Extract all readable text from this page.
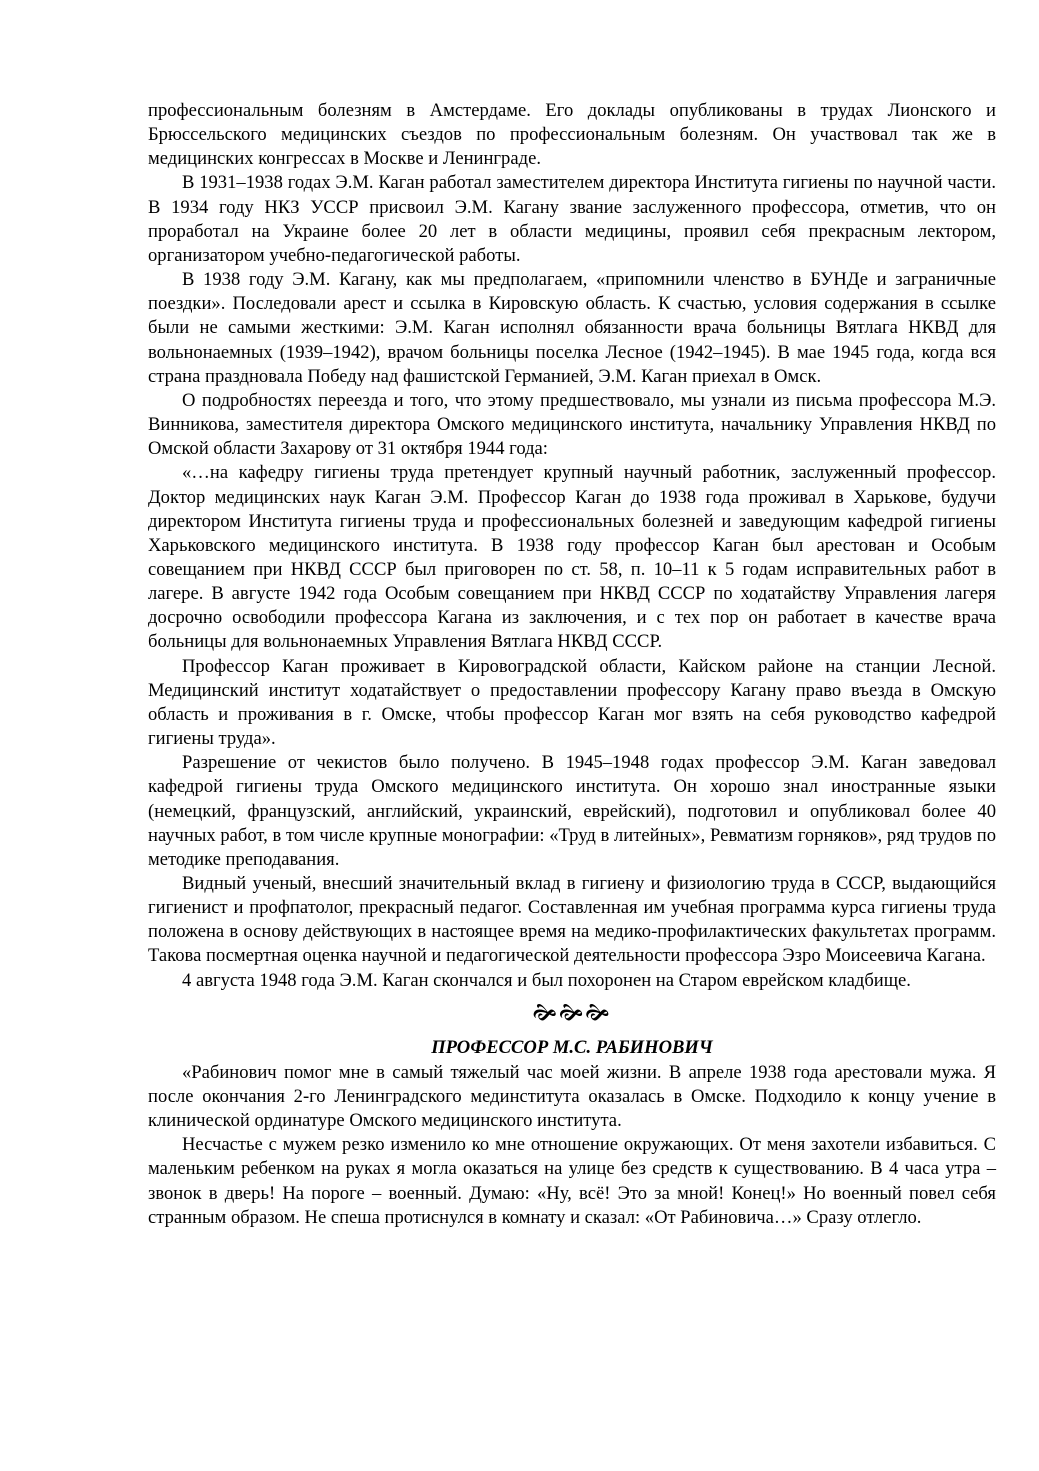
профессиональным болезням в Амстердаме. Его доклады опубликованы в трудах Лионского и Брюссельского медицинских съездов по профессиональным болезням. Он участвовал так же в медицинских конгрессах в Москве и Ленинграде.

В 1931–1938 годах Э.М. Каган работал заместителем директора Института гигиены по научной части. В 1934 году НКЗ УССР присвоил Э.М. Кагану звание заслуженного профессора, отметив, что он проработал на Украине более 20 лет в области медицины, проявил себя прекрасным лектором, организатором учебно-педагогической работы.

В 1938 году Э.М. Кагану, как мы предполагаем, «припомнили членство в БУНДе и заграничные поездки». Последовали арест и ссылка в Кировскую область. К счастью, условия содержания в ссылке были не самыми жесткими: Э.М. Каган исполнял обязанности врача больницы Вятлага НКВД для вольнонаемных (1939–1942), врачом больницы поселка Лесное (1942–1945). В мае 1945 года, когда вся страна праздновала Победу над фашистской Германией, Э.М. Каган приехал в Омск.

О подробностях переезда и того, что этому предшествовало, мы узнали из письма профессора М.Э. Винникова, заместителя директора Омского медицинского института, начальнику Управления НКВД по Омской области Захарову от 31 октября 1944 года:

«…на кафедру гигиены труда претендует крупный научный работник, заслуженный профессор. Доктор медицинских наук Каган Э.М. Профессор Каган до 1938 года проживал в Харькове, будучи директором Института гигиены труда и профессиональных болезней и заведующим кафедрой гигиены Харьковского медицинского института. В 1938 году профессор Каган был арестован и Особым совещанием при НКВД СССР был приговорен по ст. 58, п. 10–11 к 5 годам исправительных работ в лагере. В августе 1942 года Особым совещанием при НКВД СССР по ходатайству Управления лагеря досрочно освободили профессора Кагана из заключения, и с тех пор он работает в качестве врача больницы для вольнонаемных Управления Вятлага НКВД СССР.

Профессор Каган проживает в Кировоградской области, Кайском районе на станции Лесной. Медицинский институт ходатайствует о предоставлении профессору Кагану право въезда в Омскую область и проживания в г. Омске, чтобы профессор Каган мог взять на себя руководство кафедрой гигиены труда».

Разрешение от чекистов было получено. В 1945–1948 годах профессор Э.М. Каган заведовал кафедрой гигиены труда Омского медицинского института. Он хорошо знал иностранные языки (немецкий, французский, английский, украинский, еврейский), подготовил и опубликовал более 40 научных работ, в том числе крупные монографии: «Труд в литейных», Ревматизм горняков», ряд трудов по методике преподавания.

Видный ученый, внесший значительный вклад в гигиену и физиологию труда в СССР, выдающийся гигиенист и профпатолог, прекрасный педагог. Составленная им учебная программа курса гигиены труда положена в основу действующих в настоящее время на медико-профилактических факультетах программ. Такова посмертная оценка научной и педагогической деятельности профессора Эзро Моисеевича Кагана.

4 августа 1948 года Э.М. Каган скончался и был похоронен на Старом еврейском кладбище.

🙞🙞🙞
ПРОФЕССОР М.С. РАБИНОВИЧ

«Рабинович помог мне в самый тяжелый час моей жизни. В апреле 1938 года арестовали мужа. Я после окончания 2-го Ленинградского мединститута оказалась в Омске. Подходило к концу учение в клинической ординатуре Омского медицинского института.

Несчастье с мужем резко изменило ко мне отношение окружающих. От меня захотели избавиться. С маленьким ребенком на руках я могла оказаться на улице без средств к существованию. В 4 часа утра – звонок в дверь! На пороге – военный. Думаю: «Ну, всё! Это за мной! Конец!» Но военный повел себя странным образом. Не спеша протиснулся в комнату и сказал: «От Рабиновича…» Сразу отлегло.
